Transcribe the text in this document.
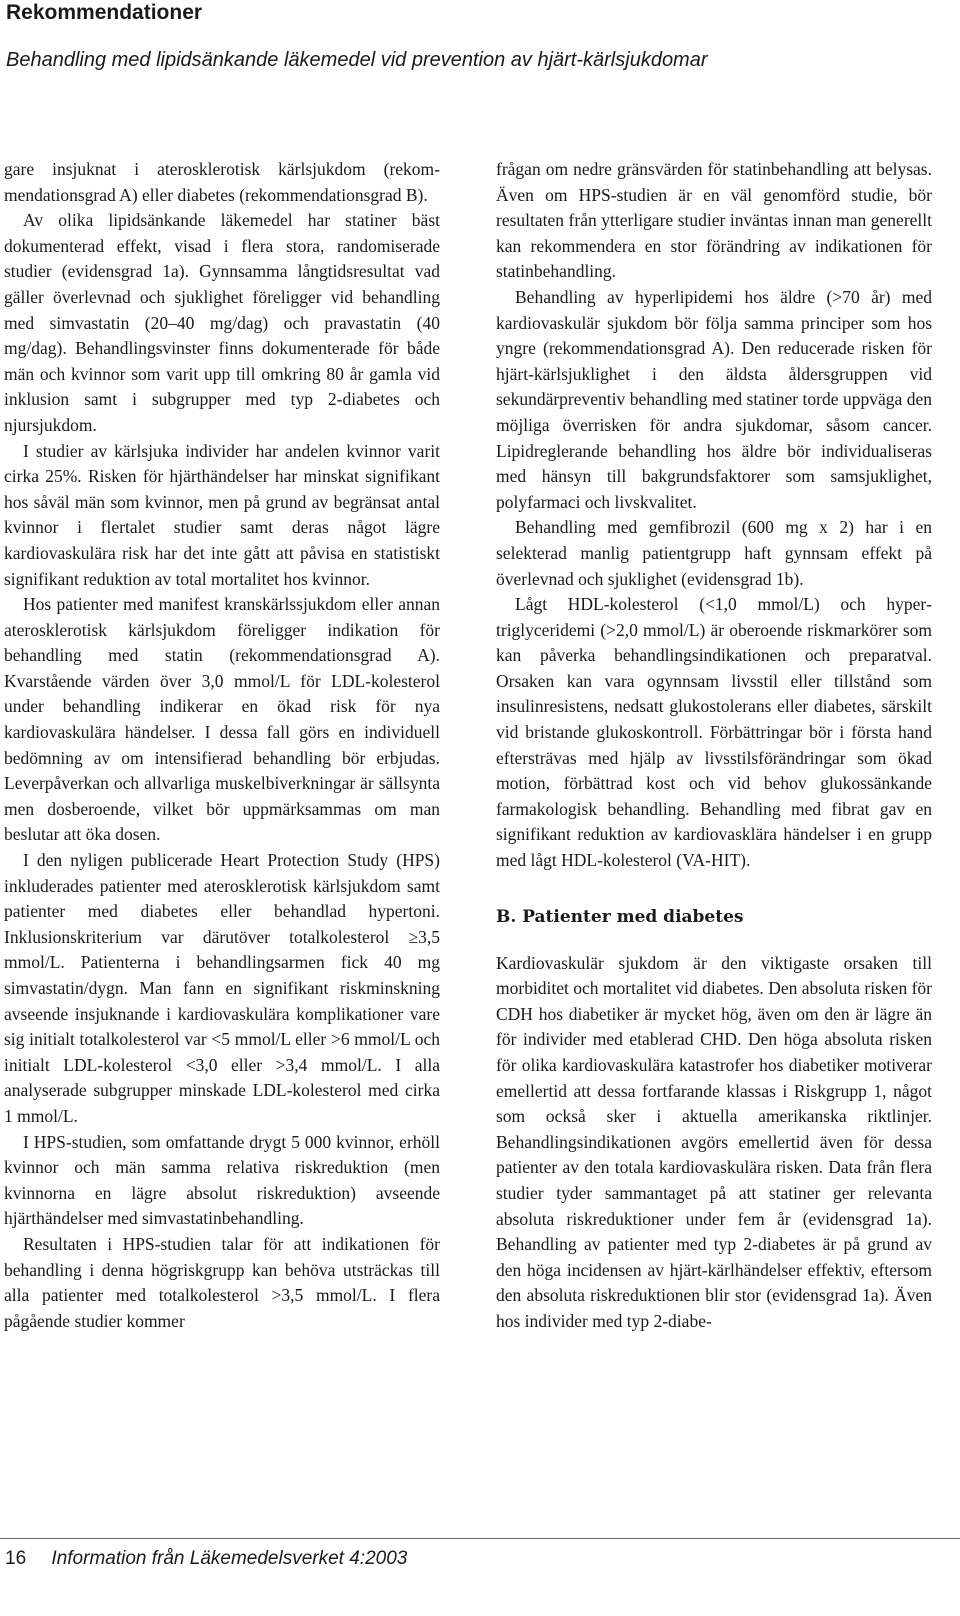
Rekommendationer
Behandling med lipidsänkande läkemedel vid prevention av hjärt-kärlsjukdomar

gare insjuknat i aterosklerotisk kärlsjukdom (rekommendationsgrad A) eller diabetes (rekommendationsgrad B).

Av olika lipidsänkande läkemedel har statiner bäst dokumenterad effekt, visad i flera stora, randomiserade studier (evidensgrad 1a). Gynnsamma långtidsresultat vad gäller överlevnad och sjuklighet föreligger vid behandling med simvastatin (20–40 mg/dag) och pravastatin (40 mg/dag). Behandlingsvinster finns dokumenterade för både män och kvinnor som varit upp till omkring 80 år gamla vid inklusion samt i subgrupper med typ 2-diabetes och njursjukdom.

I studier av kärlsjuka individer har andelen kvinnor varit cirka 25%. Risken för hjärthändelser har minskat signifikant hos såväl män som kvinnor, men på grund av begränsat antal kvinnor i flertalet studier samt deras något lägre kardiovaskulära risk har det inte gått att påvisa en statistiskt signifikant reduktion av total mortalitet hos kvinnor.

Hos patienter med manifest kranskärlssjukdom eller annan aterosklerotisk kärlsjukdom föreligger indikation för behandling med statin (rekommendationsgrad A). Kvarstående värden över 3,0 mmol/L för LDL-kolesterol under behandling indikerar en ökad risk för nya kardiovaskulära händelser. I dessa fall görs en individuell bedömning av om intensifierad behandling bör erbjudas. Leverpåverkan och allvarliga muskelbiverkningar är sällsynta men dosberoende, vilket bör uppmärksammas om man beslutar att öka dosen.

I den nyligen publicerade Heart Protection Study (HPS) inkluderades patienter med aterosklerotisk kärlsjukdom samt patienter med diabetes eller behandlad hypertoni. Inklusionskriterium var därutöver totalkolesterol ≥3,5 mmol/L. Patienterna i behandlingsarmen fick 40 mg simvastatin/dygn. Man fann en signifikant riskminskning avseende insjuknande i kardiovaskulära komplikationer vare sig initialt totalkolesterol var <5 mmol/L eller >6 mmol/L och initialt LDL-kolesterol <3,0 eller >3,4 mmol/L. I alla analyserade subgrupper minskade LDL-kolesterol med cirka 1 mmol/L.

I HPS-studien, som omfattande drygt 5 000 kvinnor, erhöll kvinnor och män samma relativa riskreduktion (men kvinnorna en lägre absolut riskreduktion) avseende hjärthändelser med simvastatinbehandling.

Resultaten i HPS-studien talar för att indikationen för behandling i denna högriskgrupp kan behöva utsträckas till alla patienter med totalkolesterol >3,5 mmol/L. I flera pågående studier kommer

frågan om nedre gränsvärden för statinbehandling att belysas. Även om HPS-studien är en väl genomförd studie, bör resultaten från ytterligare studier inväntas innan man generellt kan rekommendera en stor förändring av indikationen för statinbehandling.

Behandling av hyperlipidemi hos äldre (>70 år) med kardiovaskulär sjukdom bör följa samma principer som hos yngre (rekommendationsgrad A). Den reducerade risken för hjärt-kärlsjuklighet i den äldsta åldersgruppen vid sekundärpreventiv behandling med statiner torde uppväga den möjliga överrisken för andra sjukdomar, såsom cancer. Lipidreglerande behandling hos äldre bör individualiseras med hänsyn till bakgrundsfaktorer som samsjuklighet, polyfarmaci och livskvalitet.

Behandling med gemfibrozil (600 mg x 2) har i en selekterad manlig patientgrupp haft gynnsam effekt på överlevnad och sjuklighet (evidensgrad 1b).

Lågt HDL-kolesterol (<1,0 mmol/L) och hypertriglyceridemi (>2,0 mmol/L) är oberoende riskmarkörer som kan påverka behandlingsindikationen och preparatval. Orsaken kan vara ogynnsam livsstil eller tillstånd som insulinresistens, nedsatt glukostolerans eller diabetes, särskilt vid bristande glukoskontroll. Förbättringar bör i första hand eftersträvas med hjälp av livsstilsförändringar som ökad motion, förbättrad kost och vid behov glukossänkande farmakologisk behandling. Behandling med fibrat gav en signifikant reduktion av kardiovasklära händelser i en grupp med lågt HDL-kolesterol (VA-HIT).

B. Patienter med diabetes

Kardiovaskulär sjukdom är den viktigaste orsaken till morbiditet och mortalitet vid diabetes. Den absoluta risken för CDH hos diabetiker är mycket hög, även om den är lägre än för individer med etablerad CHD. Den höga absoluta risken för olika kardiovaskulära katastrofer hos diabetiker motiverar emellertid att dessa fortfarande klassas i Riskgrupp 1, något som också sker i aktuella amerikanska riktlinjer. Behandlingsindikationen avgörs emellertid även för dessa patienter av den totala kardiovaskulära risken. Data från flera studier tyder sammantaget på att statiner ger relevanta absoluta riskreduktioner under fem år (evidensgrad 1a). Behandling av patienter med typ 2-diabetes är på grund av den höga incidensen av hjärt-kärlhändelser effektiv, eftersom den absoluta riskreduktionen blir stor (evidensgrad 1a). Även hos individer med typ 2-diabe-

16 Information från Läkemedelsverket 4:2003
